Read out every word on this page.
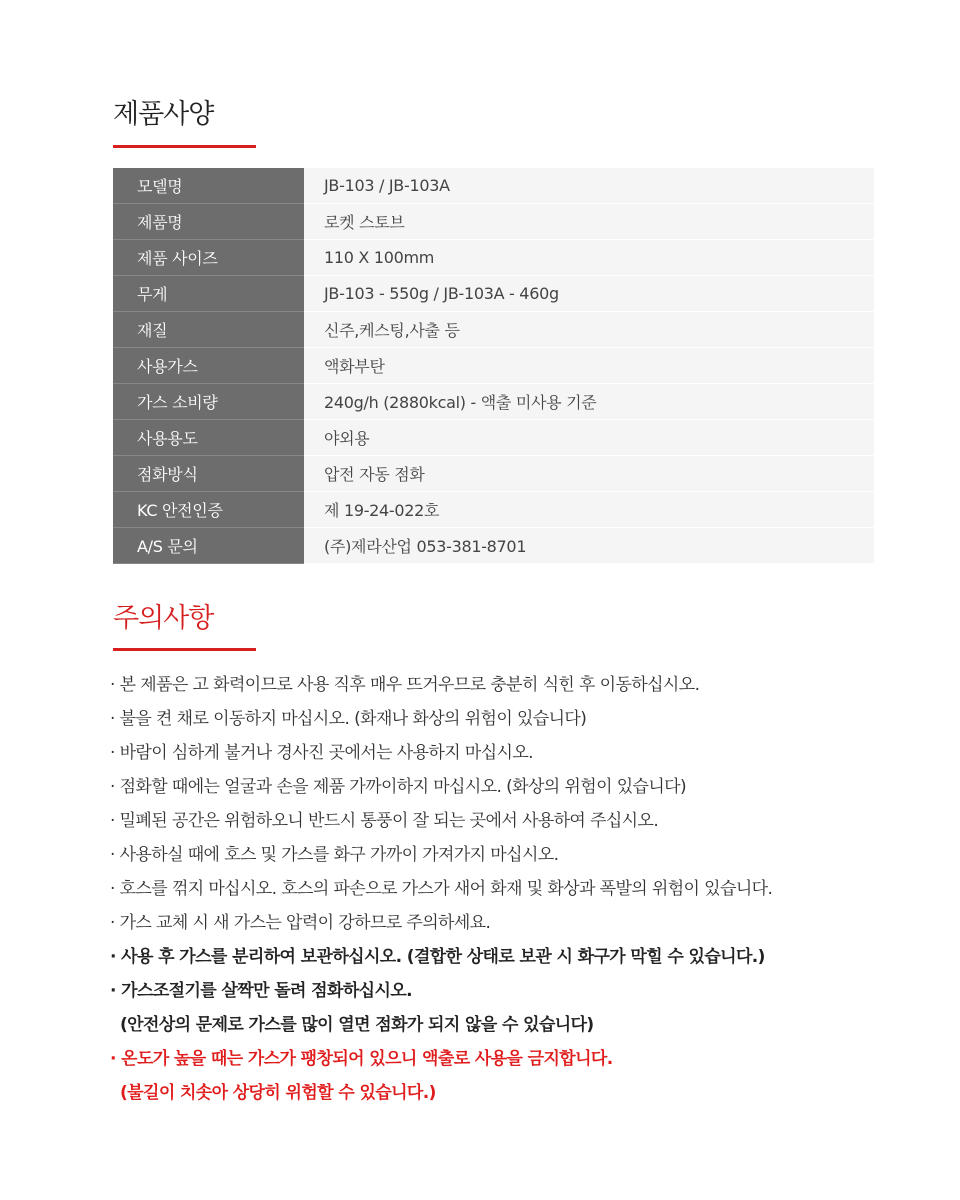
제품사양
모델명	JB-103 / JB-103A
제품명	로켓 스토브
제품 사이즈	110 X 100mm
무게	JB-103 - 550g / JB-103A - 460g
재질	신주,케스팅,사출 등
사용가스	액화부탄
가스 소비량	240g/h (2880kcal) - 액출 미사용 기준
사용용도	야외용
점화방식	압전 자동 점화
KC 안전인증	제 19-24-022호
A/S 문의	(주)제라산업 053-381-8701
주의사항
· 본 제품은 고 화력이므로 사용 직후 매우 뜨거우므로 충분히 식힌 후 이동하십시오.
· 불을 켠 채로 이동하지 마십시오. (화재나 화상의 위험이 있습니다)
· 바람이 심하게 불거나 경사진 곳에서는 사용하지 마십시오.
· 점화할 때에는 얼굴과 손을 제품 가까이하지 마십시오. (화상의 위험이 있습니다)
· 밀폐된 공간은 위험하오니 반드시 통풍이 잘 되는 곳에서 사용하여 주십시오.
· 사용하실 때에 호스 및 가스를 화구 가까이 가져가지 마십시오.
· 호스를 꺾지 마십시오. 호스의 파손으로 가스가 새어 화재 및 화상과 폭발의 위험이 있습니다.
· 가스 교체 시 새 가스는 압력이 강하므로 주의하세요.
· 사용 후 가스를 분리하여 보관하십시오. (결합한 상태로 보관 시 화구가 막힐 수 있습니다.)
· 가스조절기를 살짝만 돌려 점화하십시오.
(안전상의 문제로 가스를 많이 열면 점화가 되지 않을 수 있습니다)
· 온도가 높을 때는 가스가 팽창되어 있으니 액출로 사용을 금지합니다.
(불길이 치솟아 상당히 위험할 수 있습니다.)
